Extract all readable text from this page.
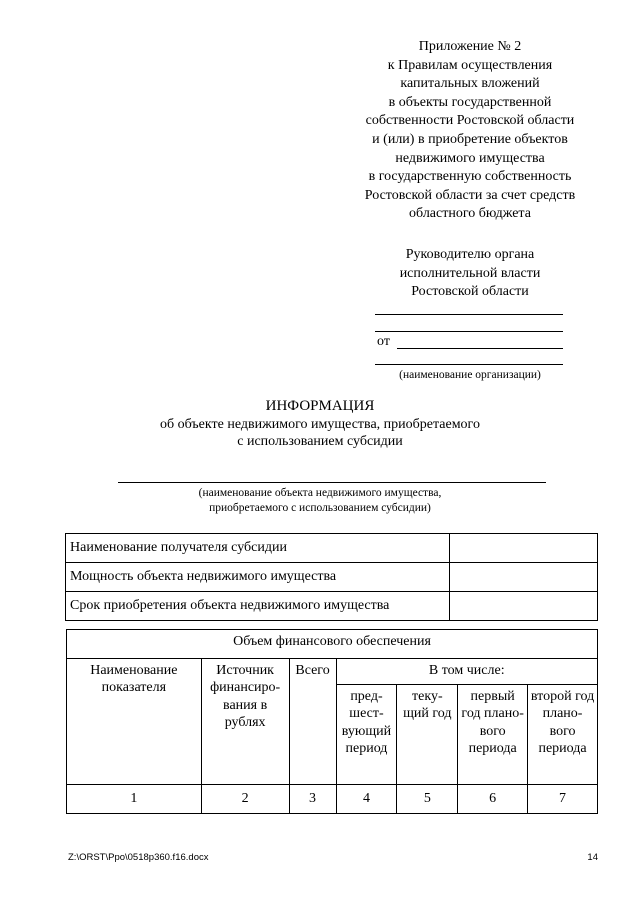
Приложение № 2
к Правилам осуществления
капитальных вложений
в объекты государственной
собственности Ростовской области
и (или) в приобретение объектов
недвижимого имущества
в государственную собственность
Ростовской области за счет средств
областного бюджета
Руководителю органа
исполнительной власти
Ростовской области
от
(наименование организации)
ИНФОРМАЦИЯ
об объекте недвижимого имущества, приобретаемого
с использованием субсидии
(наименование объекта недвижимого имущества,
приобретаемого с использованием субсидии)
Наименование получателя субсидии	
Мощность объекта недвижимого имущества	
Срок приобретения объекта недвижимого имущества	
Объем финансового обеспечения						
Наименование показателя	Источник финансиро-вания в рублях	Всего	В том числе:			
			пред-шест-вующий период	теку-щий год	первый год плано-вого периода	второй год плано-вого периода
1	2	3	4	5	6	7
Z:\ORST\Ppo\0518p360.f16.docx	14
